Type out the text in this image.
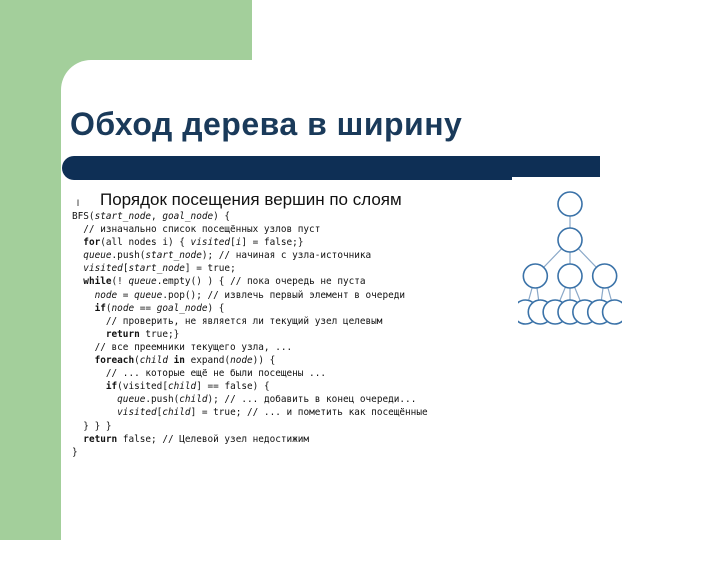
Обход дерева в ширину
l Порядок посещения вершин по слоям
BFS(start_node, goal_node) {
// изначально список посещённых узлов пуст
for(all nodes i) { visited[i] = false;}
queue.push(start_node); // начиная с узла-источника
visited[start_node] = true;
while(! queue.empty() ) { // пока очередь не пуста
node = queue.pop(); // извлечь первый элемент в очереди
if(node == goal_node) {
// проверить, не является ли текущий узел целевым
return true;}
// все преемники текущего узла, ...
foreach(child in expand(node)) {
// ... которые ещё не были посещены ...
if(visited[child] == false) {
queue.push(child); // ... добавить в конец очереди...
visited[child] = true; // ... и пометить как посещённые
} } }
return false; // Целевой узел недостижим
}
